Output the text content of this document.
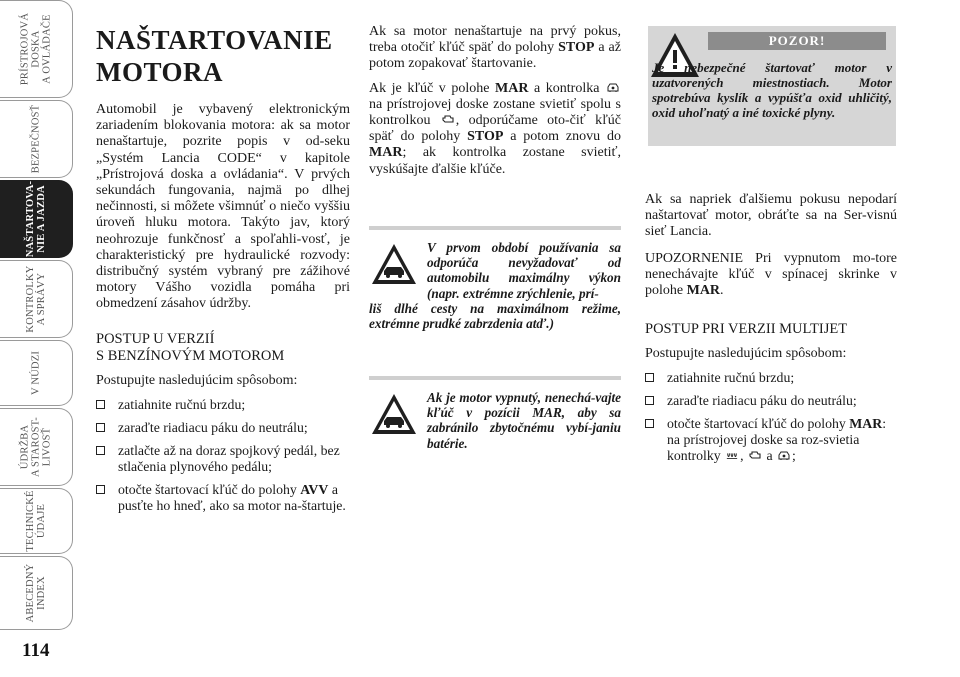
PRÍSTROJOVÁ
DOSKA
A OVLÁDAČE
BEZPEČNOSŤ
NAŠTARTOVA-
NIE A JAZDA
KONTROLKY
A SPRÁVY
V NÚDZI
ÚDRŽBA
A STAROST-
LIVOSŤ
TECHNICKÉ
ÚDAJE
ABECEDNÝ
INDEX
114
NAŠTARTOVANIE
MOTORA

Automobil je vybavený elektronickým zariadením blokovania motora: ak sa motor nenaštartuje, pozrite popis v od-seku „Systém Lancia CODE“ v kapitole „Prístrojová doska a ovládania“. V prvých sekundách fungovania, najmä po dlhej nečinnosti, si môžete všimnúť o niečo vyššiu úroveň hluku motora. Takýto jav, ktorý neohrozuje funkčnosť a spoľahli-vosť, je charakteristický pre hydraulické rozvody: distribučný systém vybraný pre zážihové motory Vášho vozidla pomáha pri obmedzení zásahov údržby.

POSTUP U VERZIÍ
S BENZÍNOVÝM MOTOROM

Postupujte nasledujúcim spôsobom:

zatiahnite ručnú brzdu;
zaraďte riadiacu páku do neutrálu;
zatlačte až na doraz spojkový pedál, bez stlačenia plynového pedálu;
otočte štartovací kľúč do polohy AVV a pusťte ho hneď, ako sa motor na-štartuje.

Ak sa motor nenaštartuje na prvý pokus, treba otočiť kľúč späť do polohy STOP a až potom zopakovať štartovanie.

Ak je kľúč v polohe MAR a kontrolka  na prístrojovej doske zostane svietiť spolu s kontrolkou , odporúčame oto-čiť kľúč späť do polohy STOP a potom znovu do MAR; ak kontrolka zostane svietiť, vyskúšajte ďalšie kľúče.

V prvom období používania sa odporúča nevyžadovať od automobilu maximálny výkon (napr. extrémne zrýchlenie, prí-
liš dlhé cesty na maximálnom režime, extrémne prudké zabrzdenia atď.)
Ak je motor vypnutý, nenechá-vajte kľúč v pozícii MAR, aby sa zabránilo zbytočnému vybí-janiu batérie.
POZOR!
Je nebezpečné štartovať motor v uzatvorených miestnostiach. Motor spotrebúva kyslík a vypúšťa oxid uhličitý, oxid uhoľnatý a iné toxické plyny.

Ak sa napriek ďalšiemu pokusu nepodarí naštartovať motor, obráťte sa na Ser-visnú sieť Lancia.

UPOZORNENIE Pri vypnutom mo-tore nenechávajte kľúč v spínacej skrinke v polohe MAR.

POSTUP PRI VERZII MULTIJET

Postupujte nasledujúcim spôsobom:

zatiahnite ručnú brzdu;
zaraďte riadiacu páku do neutrálu;
otočte štartovací kľúč do polohy MAR: na prístrojovej doske sa roz-svietia kontrolky ,  a ;
